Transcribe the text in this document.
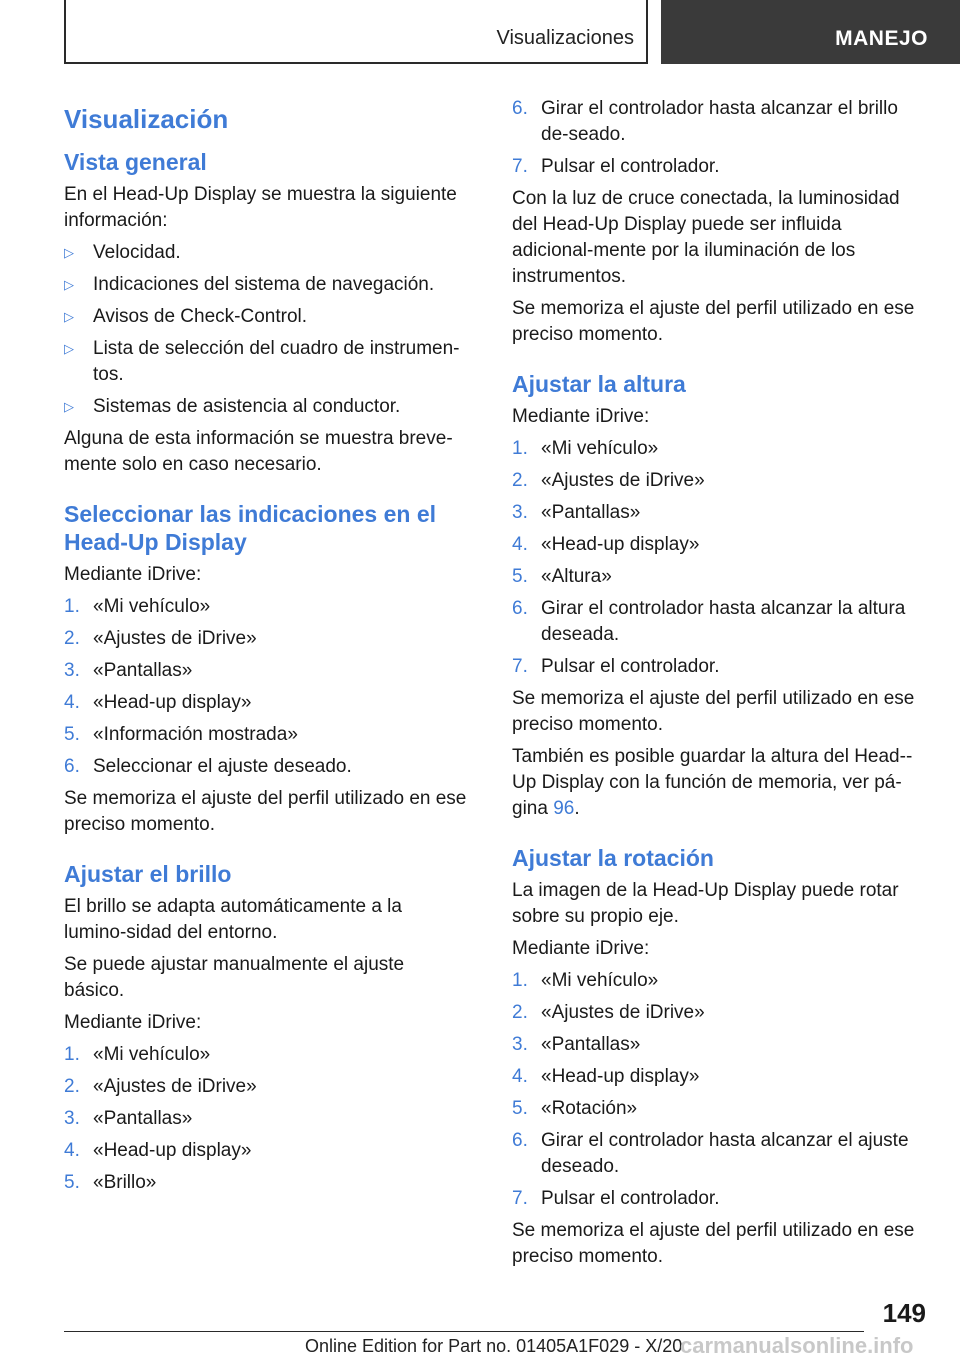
Visualizaciones	MANEJO
Visualización
Vista general
En el Head-Up Display se muestra la siguiente información:
▷ Velocidad.
▷ Indicaciones del sistema de navegación.
▷ Avisos de Check-Control.
▷ Lista de selección del cuadro de instrumen-tos.
▷ Sistemas de asistencia al conductor.
Alguna de esta información se muestra breve-mente solo en caso necesario.
Seleccionar las indicaciones en el Head-Up Display
Mediante iDrive:
1. «Mi vehículo»
2. «Ajustes de iDrive»
3. «Pantallas»
4. «Head-up display»
5. «Información mostrada»
6. Seleccionar el ajuste deseado.
Se memoriza el ajuste del perfil utilizado en ese preciso momento.
Ajustar el brillo
El brillo se adapta automáticamente a la lumino-sidad del entorno.
Se puede ajustar manualmente el ajuste básico.
Mediante iDrive:
1. «Mi vehículo»
2. «Ajustes de iDrive»
3. «Pantallas»
4. «Head-up display»
5. «Brillo»
6. Girar el controlador hasta alcanzar el brillo de-seado.
7. Pulsar el controlador.
Con la luz de cruce conectada, la luminosidad del Head-Up Display puede ser influida adicional-mente por la iluminación de los instrumentos.
Se memoriza el ajuste del perfil utilizado en ese preciso momento.
Ajustar la altura
Mediante iDrive:
1. «Mi vehículo»
2. «Ajustes de iDrive»
3. «Pantallas»
4. «Head-up display»
5. «Altura»
6. Girar el controlador hasta alcanzar la altura deseada.
7. Pulsar el controlador.
Se memoriza el ajuste del perfil utilizado en ese preciso momento.
También es posible guardar la altura del Head--Up Display con la función de memoria, ver pá-gina 96.
Ajustar la rotación
La imagen de la Head-Up Display puede rotar sobre su propio eje.
Mediante iDrive:
1. «Mi vehículo»
2. «Ajustes de iDrive»
3. «Pantallas»
4. «Head-up display»
5. «Rotación»
6. Girar el controlador hasta alcanzar el ajuste deseado.
7. Pulsar el controlador.
Se memoriza el ajuste del perfil utilizado en ese preciso momento.
149
Online Edition for Part no. 01405A1F029 - X/20
carmanualsonline.info
